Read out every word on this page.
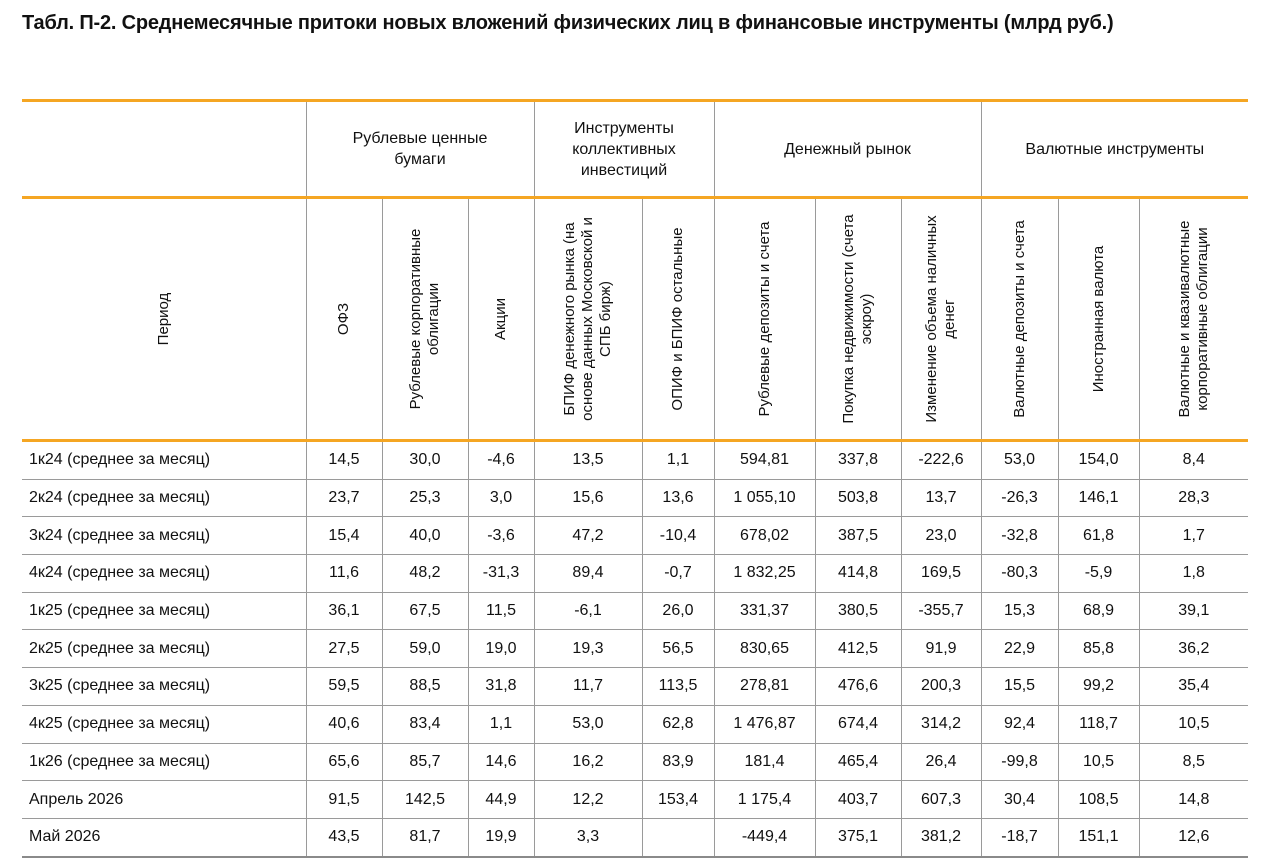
Табл. П-2. Среднемесячные притоки новых вложений физических лиц в финансовые инструменты (млрд руб.)
	Рублевые ценные бумаги			Инструменты коллективных инвестиций		Денежный рынок			Валютные инструменты		

Период	ОФЗ	Рублевые корпоративные облигации	Акции	БПИФ денежного рынка (на основе данных Московской и СПБ бирж)	ОПИФ и БПИФ остальные	Рублевые депозиты и счета	Покупка недвижимости (счета эскроу)	Изменение объема наличных денег	Валютные депозиты и счета	Иностранная валюта	Валютные и квазивалютные корпоративные облигации

1к24 (среднее за месяц)	14,5	30,0	-4,6	13,5	1,1	594,81	337,8	-222,6	53,0	154,0	8,4
2к24 (среднее за месяц)	23,7	25,3	3,0	15,6	13,6	1 055,10	503,8	13,7	-26,3	146,1	28,3
3к24 (среднее за месяц)	15,4	40,0	-3,6	47,2	-10,4	678,02	387,5	23,0	-32,8	61,8	1,7
4к24 (среднее за месяц)	11,6	48,2	-31,3	89,4	-0,7	1 832,25	414,8	169,5	-80,3	-5,9	1,8
1к25 (среднее за месяц)	36,1	67,5	11,5	-6,1	26,0	331,37	380,5	-355,7	15,3	68,9	39,1
2к25 (среднее за месяц)	27,5	59,0	19,0	19,3	56,5	830,65	412,5	91,9	22,9	85,8	36,2
3к25 (среднее за месяц)	59,5	88,5	31,8	11,7	113,5	278,81	476,6	200,3	15,5	99,2	35,4
4к25 (среднее за месяц)	40,6	83,4	1,1	53,0	62,8	1 476,87	674,4	314,2	92,4	118,7	10,5
1к26 (среднее за месяц)	65,6	85,7	14,6	16,2	83,9	181,4	465,4	26,4	-99,8	10,5	8,5
Апрель 2026	91,5	142,5	44,9	12,2	153,4	1 175,4	403,7	607,3	30,4	108,5	14,8
Май 2026	43,5	81,7	19,9	3,3		-449,4	375,1	381,2	-18,7	151,1	12,6
